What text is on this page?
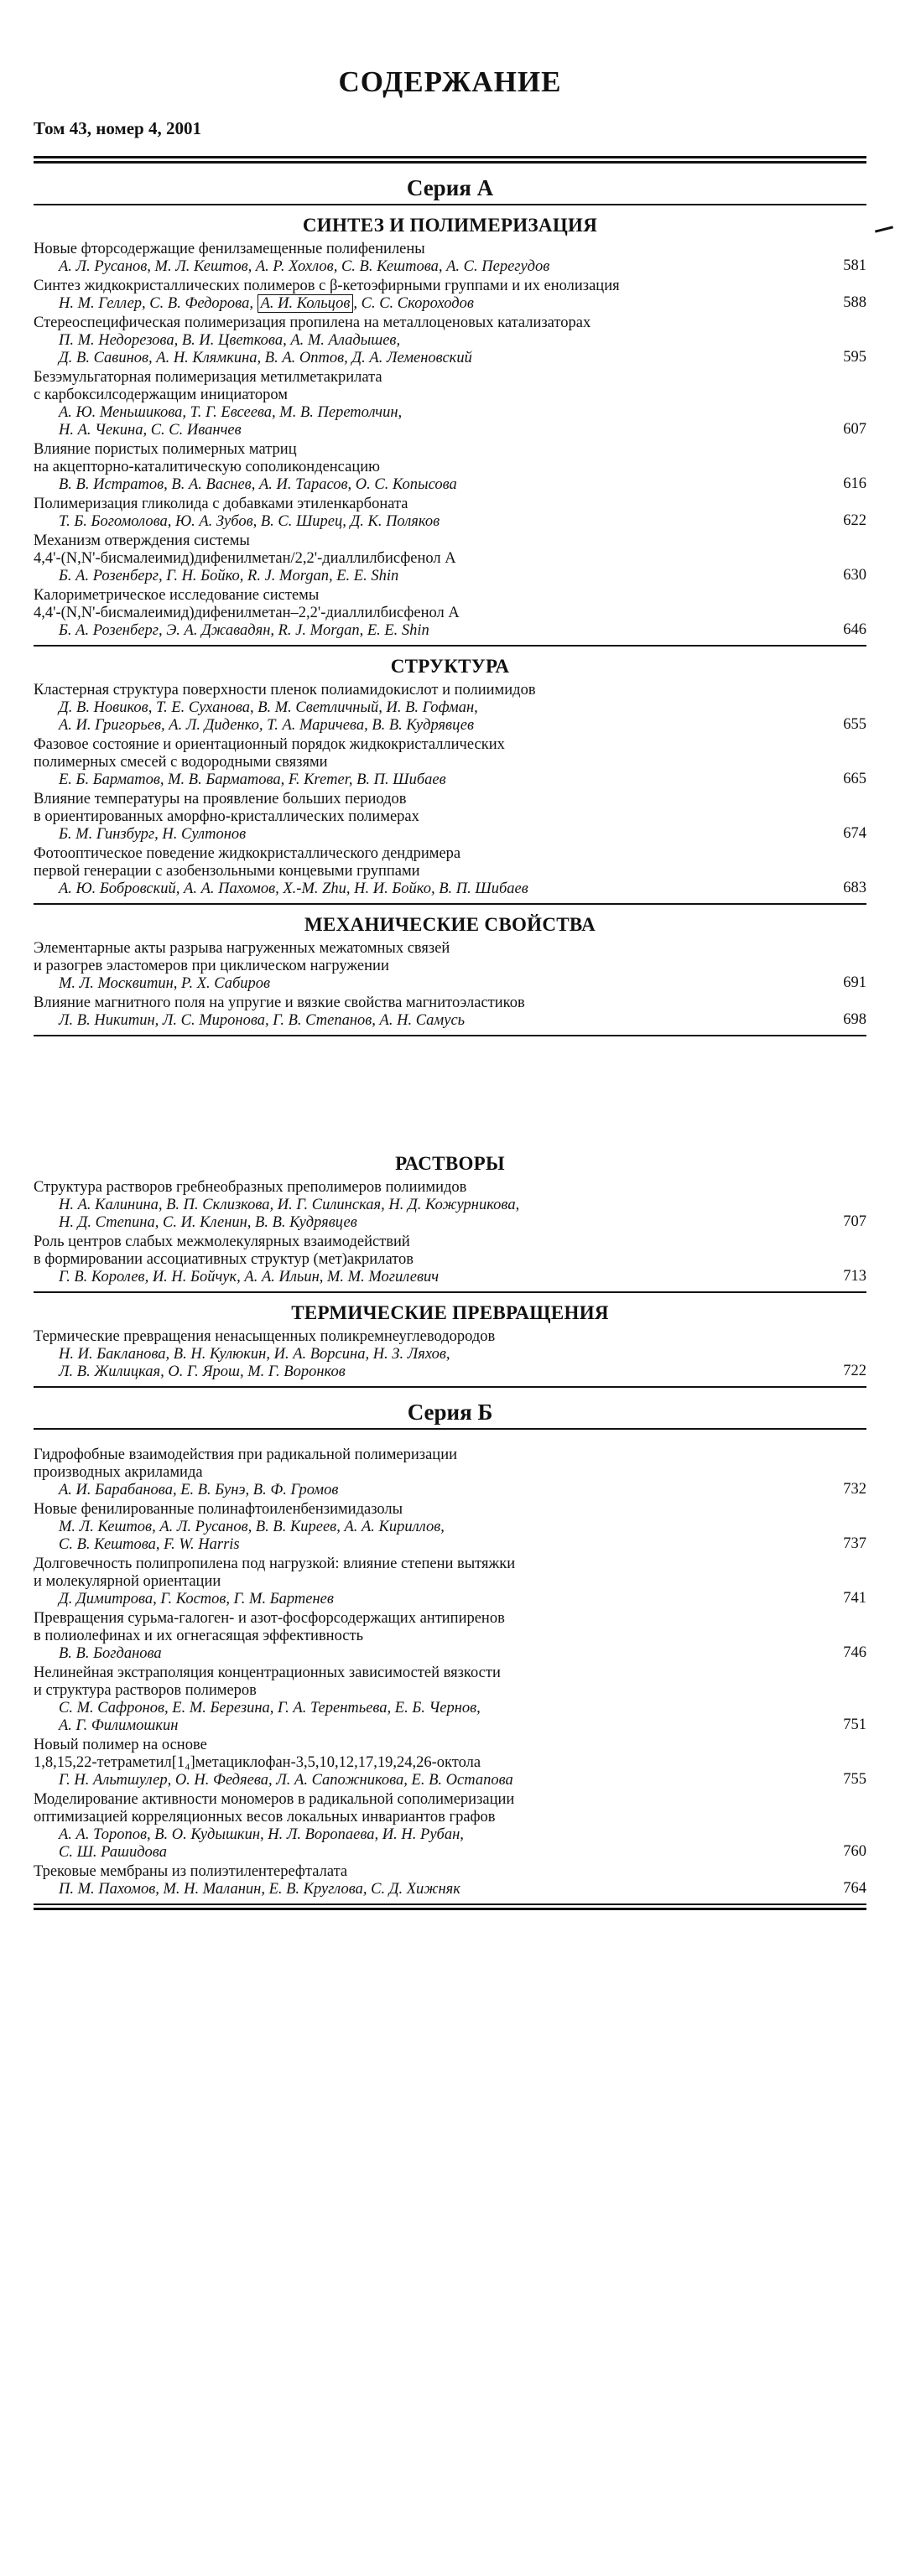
СОДЕРЖАНИЕ
Том 43, номер 4, 2001
Серия А
СИНТЕЗ И ПОЛИМЕРИЗАЦИЯ
Новые фторсодержащие фенилзамещенные полифенилены
А. Л. Русанов, М. Л. Кештов, А. Р. Хохлов, С. В. Кештова, А. С. Перегудов	581
Синтез жидкокристаллических полимеров с β-кетоэфирными группами и их енолизация
Н. М. Геллер, С. В. Федорова, А. И. Кольцов , С. С. Скороходов	588
Стереоспецифическая полимеризация пропилена на металлоценовых катализаторах
П. М. Недорезова, В. И. Цветкова, А. М. Аладышев,
Д. В. Савинов, А. Н. Клямкина, В. А. Оптов, Д. А. Леменовский	595
Безэмульгаторная полимеризация метилметакрилата
с карбоксилсодержащим инициатором
А. Ю. Меньшикова, Т. Г. Евсеева, М. В. Перетолчин,
Н. А. Чекина, С. С. Иванчев	607
Влияние пористых полимерных матриц
на акцепторно-каталитическую сополиконденсацию
В. В. Истратов, В. А. Васнев, А. И. Тарасов, О. С. Копысова	616
Полимеризация гликолида с добавками этиленкарбоната
Т. Б. Богомолова, Ю. А. Зубов, В. С. Ширец, Д. К. Поляков	622
Механизм отверждения системы
4,4'-(N,N'-бисмалеимид)дифенилметан/2,2'-диаллилбисфенол А
Б. А. Розенберг, Г. Н. Бойко, R. J. Morgan, E. E. Shin	630
Калориметрическое исследование системы
4,4'-(N,N'-бисмалеимид)дифенилметан–2,2'-диаллилбисфенол А
Б. А. Розенберг, Э. А. Джавадян, R. J. Morgan, E. E. Shin	646
СТРУКТУРА
Кластерная структура поверхности пленок полиамидокислот и полиимидов
Д. В. Новиков, Т. Е. Суханова, В. М. Светличный, И. В. Гофман,
А. И. Григорьев, А. Л. Диденко, Т. А. Маричева, В. В. Кудрявцев	655
Фазовое состояние и ориентационный порядок жидкокристаллических
полимерных смесей с водородными связями
Е. Б. Барматов, М. В. Барматова, F. Kremer, В. П. Шибаев	665
Влияние температуры на проявление больших периодов
в ориентированных аморфно-кристаллических полимерах
Б. М. Гинзбург, Н. Султонов	674
Фотооптическое поведение жидкокристаллического дендримера
первой генерации с азобензольными концевыми группами
А. Ю. Бобровский, А. А. Пахомов, X.-M. Zhu, Н. И. Бойко, В. П. Шибаев	683
МЕХАНИЧЕСКИЕ СВОЙСТВА
Элементарные акты разрыва нагруженных межатомных связей
и разогрев эластомеров при циклическом нагружении
М. Л. Москвитин, Р. Х. Сабиров	691
Влияние магнитного поля на упругие и вязкие свойства магнитоэластиков
Л. В. Никитин, Л. С. Миронова, Г. В. Степанов, А. Н. Самусь	698
РАСТВОРЫ
Структура растворов гребнеобразных преполимеров полиимидов
Н. А. Калинина, В. П. Склизкова, И. Г. Силинская, Н. Д. Кожурникова,
Н. Д. Степина, С. И. Кленин, В. В. Кудрявцев	707
Роль центров слабых межмолекулярных взаимодействий
в формировании ассоциативных структур (мет)акрилатов
Г. В. Королев, И. Н. Бойчук, А. А. Ильин, М. М. Могилевич	713
ТЕРМИЧЕСКИЕ ПРЕВРАЩЕНИЯ
Термические превращения ненасыщенных поликремнеуглеводородов
Н. И. Бакланова, В. Н. Кулюкин, И. А. Ворсина, Н. З. Ляхов,
Л. В. Жилицкая, О. Г. Ярош, М. Г. Воронков	722
Серия Б
Гидрофобные взаимодействия при радикальной полимеризации
производных акриламида
А. И. Барабанова, Е. В. Бунэ, В. Ф. Громов	732
Новые фенилированные полинафтоиленбензимидазолы
М. Л. Кештов, А. Л. Русанов, В. В. Киреев, А. А. Кириллов,
С. В. Кештова, F. W. Harris	737
Долговечность полипропилена под нагрузкой: влияние степени вытяжки
и молекулярной ориентации
Д. Димитрова, Г. Костов, Г. М. Бартенев	741
Превращения сурьма-галоген- и азот-фосфорсодержащих антипиренов
в полиолефинах и их огнегасящая эффективность
В. В. Богданова	746
Нелинейная экстраполяция концентрационных зависимостей вязкости
и структура растворов полимеров
С. М. Сафронов, Е. М. Березина, Г. А. Терентьева, Е. Б. Чернов,
А. Г. Филимошкин	751
Новый полимер на основе
1,8,15,22-тетраметил[1₄]метациклофан-3,5,10,12,17,19,24,26-октола
Г. Н. Альтшулер, О. Н. Федяева, Л. А. Сапожникова, Е. В. Остапова	755
Моделирование активности мономеров в радикальной сополимеризации
оптимизацией корреляционных весов локальных инвариантов графов
А. А. Торопов, В. О. Кудышкин, Н. Л. Воропаева, И. Н. Рубан,
С. Ш. Рашидова	760
Трековые мембраны из полиэтилентерефталата
П. М. Пахомов, М. Н. Маланин, Е. В. Круглова, С. Д. Хижняк	764
